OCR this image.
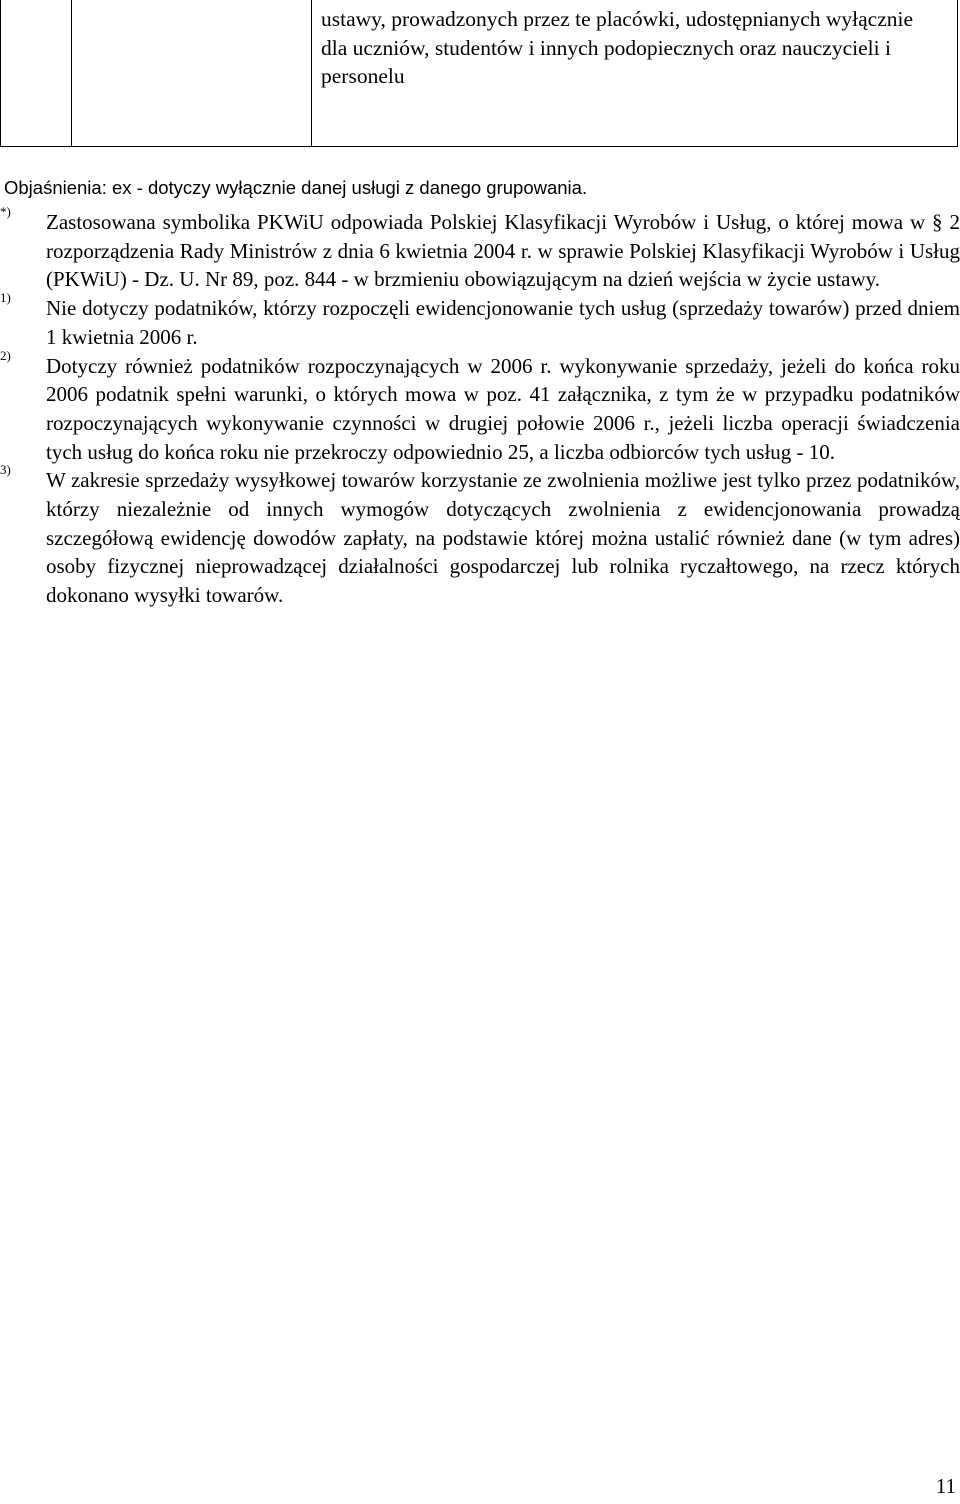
ustawy, prowadzonych przez te placówki, udostępnianych wyłącznie dla uczniów, studentów i innych podopiecznych oraz nauczycieli i personelu
Objaśnienia: ex - dotyczy wyłącznie danej usługi z danego grupowania.
*) Zastosowana symbolika PKWiU odpowiada Polskiej Klasyfikacji Wyrobów i Usług, o której mowa w § 2 rozporządzenia Rady Ministrów z dnia 6 kwietnia 2004 r. w sprawie Polskiej Klasyfikacji Wyrobów i Usług (PKWiU) - Dz. U. Nr 89, poz. 844 - w brzmieniu obowiązującym na dzień wejścia w życie ustawy.
1) Nie dotyczy podatników, którzy rozpoczęli ewidencjonowanie tych usług (sprzedaży towarów) przed dniem 1 kwietnia 2006 r.
2) Dotyczy również podatników rozpoczynających w 2006 r. wykonywanie sprzedaży, jeżeli do końca roku 2006 podatnik spełni warunki, o których mowa w poz. 41 załącznika, z tym że w przypadku podatników rozpoczynających wykonywanie czynności w drugiej połowie 2006 r., jeżeli liczba operacji świadczenia tych usług do końca roku nie przekroczy odpowiednio 25, a liczba odbiorców tych usług - 10.
3) W zakresie sprzedaży wysyłkowej towarów korzystanie ze zwolnienia możliwe jest tylko przez podatników, którzy niezależnie od innych wymogów dotyczących zwolnienia z ewidencjonowania prowadzą szczegółową ewidencję dowodów zapłaty, na podstawie której można ustalić również dane (w tym adres) osoby fizycznej nieprowadzącej działalności gospodarczej lub rolnika ryczałtowego, na rzecz których dokonano wysyłki towarów.
11
